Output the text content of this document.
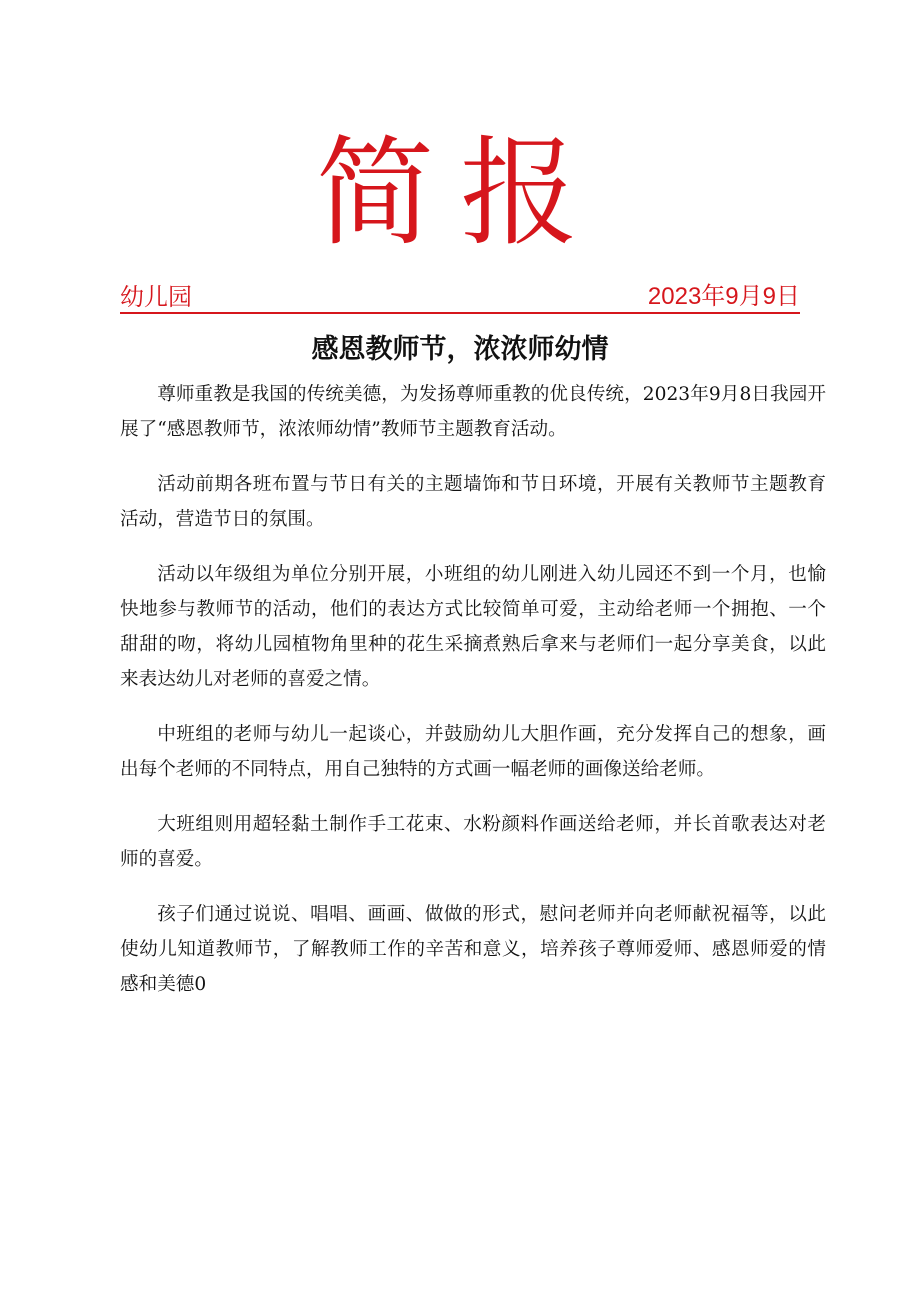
简报
幼儿园	2023年9月9日
感恩教师节，浓浓师幼情

尊师重教是我国的传统美德，为发扬尊师重教的优良传统，2023年9月8日我园开展了“感恩教师节，浓浓师幼情”教师节主题教育活动。

活动前期各班布置与节日有关的主题墙饰和节日环境，开展有关教师节主题教育活动，营造节日的氛围。

活动以年级组为单位分别开展，小班组的幼儿刚进入幼儿园还不到一个月，也愉快地参与教师节的活动，他们的表达方式比较简单可爱，主动给老师一个拥抱、一个甜甜的吻，将幼儿园植物角里种的花生采摘煮熟后拿来与老师们一起分享美食，以此来表达幼儿对老师的喜爱之情。

中班组的老师与幼儿一起谈心，并鼓励幼儿大胆作画，充分发挥自己的想象，画出每个老师的不同特点，用自己独特的方式画一幅老师的画像送给老师。

大班组则用超轻黏土制作手工花束、水粉颜料作画送给老师，并长首歌表达对老师的喜爱。

孩子们通过说说、唱唱、画画、做做的形式，慰问老师并向老师献祝福等，以此使幼儿知道教师节，了解教师工作的辛苦和意义，培养孩子尊师爱师、感恩师爱的情感和美德0
